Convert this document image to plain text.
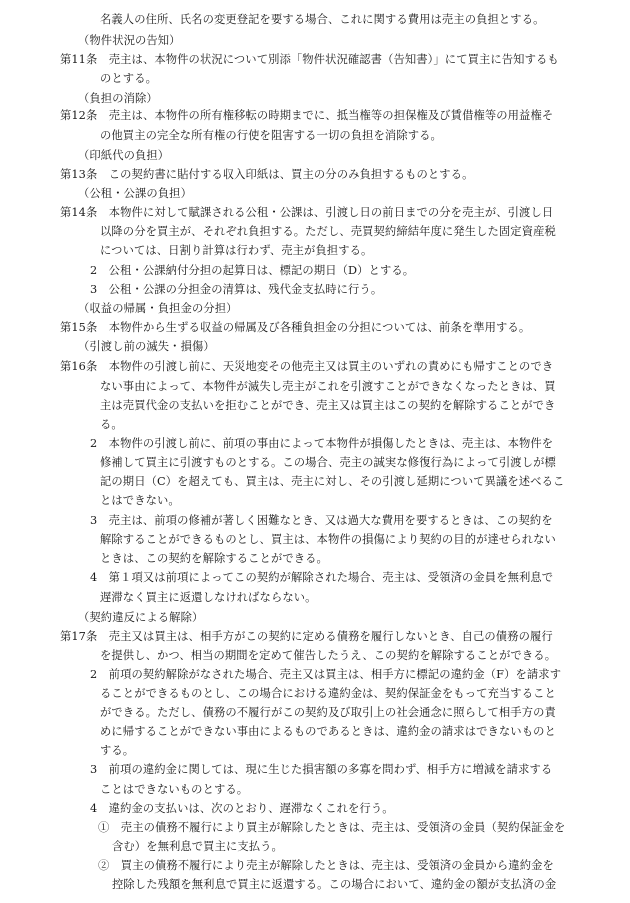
名義人の住所、氏名の変更登記を要する場合、これに関する費用は売主の負担とする。
（物件状況の告知）
第11条　売主は、本物件の状況について別添「物件状況確認書（告知書）」にて買主に告知するも
のとする。
（負担の消除）
第12条　売主は、本物件の所有権移転の時期までに、抵当権等の担保権及び賃借権等の用益権そ
の他買主の完全な所有権の行使を阻害する一切の負担を消除する。
（印紙代の負担）
第13条　この契約書に貼付する収入印紙は、買主の分のみ負担するものとする。
（公租・公課の負担）
第14条　本物件に対して賦課される公租・公課は、引渡し日の前日までの分を売主が、引渡し日
以降の分を買主が、それぞれ負担する。ただし、売買契約締結年度に発生した固定資産税
については、日割り計算は行わず、売主が負担する。
2　公租・公課納付分担の起算日は、標記の期日（D）とする。
3　公租・公課の分担金の清算は、残代金支払時に行う。
（収益の帰属・負担金の分担）
第15条　本物件から生ずる収益の帰属及び各種負担金の分担については、前条を準用する。
（引渡し前の滅失・損傷）
第16条　本物件の引渡し前に、天災地変その他売主又は買主のいずれの責めにも帰すことのでき
ない事由によって、本物件が滅失し売主がこれを引渡すことができなくなったときは、買
主は売買代金の支払いを拒むことができ、売主又は買主はこの契約を解除することができ
る。
2　本物件の引渡し前に、前項の事由によって本物件が損傷したときは、売主は、本物件を
修補して買主に引渡すものとする。この場合、売主の誠実な修復行為によって引渡しが標
記の期日（C）を超えても、買主は、売主に対し、その引渡し延期について異議を述べるこ
とはできない。
3　売主は、前項の修補が著しく困難なとき、又は過大な費用を要するときは、この契約を
解除することができるものとし、買主は、本物件の損傷により契約の目的が達せられない
ときは、この契約を解除することができる。
4　第１項又は前項によってこの契約が解除された場合、売主は、受領済の金員を無利息で
遅滞なく買主に返還しなければならない。
（契約違反による解除）
第17条　売主又は買主は、相手方がこの契約に定める債務を履行しないとき、自己の債務の履行
を提供し、かつ、相当の期間を定めて催告したうえ、この契約を解除することができる。
2　前項の契約解除がなされた場合、売主又は買主は、相手方に標記の違約金（F）を請求す
ることができるものとし、この場合における違約金は、契約保証金をもって充当すること
ができる。ただし、債務の不履行がこの契約及び取引上の社会通念に照らして相手方の責
めに帰することができない事由によるものであるときは、違約金の請求はできないものと
する。
3　前項の違約金に関しては、現に生じた損害額の多寡を問わず、相手方に増減を請求する
ことはできないものとする。
4　違約金の支払いは、次のとおり、遅滞なくこれを行う。
①　売主の債務不履行により買主が解除したときは、売主は、受領済の金員（契約保証金を
含む）を無利息で買主に支払う。
②　買主の債務不履行により売主が解除したときは、売主は、受領済の金員から違約金を
控除した残額を無利息で買主に返還する。この場合において、違約金の額が支払済の金
